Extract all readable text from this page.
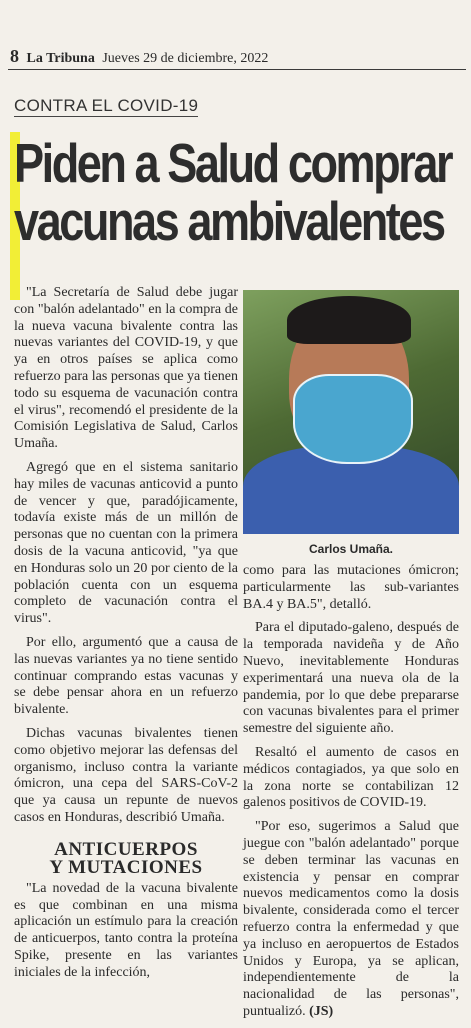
8 La Tribuna Jueves 29 de diciembre, 2022
CONTRA EL COVID-19
Piden a Salud comprar
vacunas ambivalentes

"La Secretaría de Salud debe jugar con "balón adelantado" en la compra de la nueva vacuna bivalente contra las nuevas variantes del COVID-19, y que ya en otros países se aplica como refuerzo para las personas que ya tienen todo su esquema de vacunación contra el virus", recomendó el presidente de la Comisión Legislativa de Salud, Carlos Umaña.

Agregó que en el sistema sanitario hay miles de vacunas anticovid a punto de vencer y que, paradójicamente, todavía existe más de un millón de personas que no cuentan con la primera dosis de la vacuna anticovid, "ya que en Honduras solo un 20 por ciento de la población cuenta con un esquema completo de vacunación contra el virus".

Por ello, argumentó que a causa de las nuevas variantes ya no tiene sentido continuar comprando estas vacunas y se debe pensar ahora en un refuerzo bivalente.

Dichas vacunas bivalentes tienen como objetivo mejorar las defensas del organismo, incluso contra la variante ómicron, una cepa del SARS-CoV-2 que ya causa un repunte de nuevos casos en Honduras, describió Umaña.

ANTICUERPOS
Y MUTACIONES

"La novedad de la vacuna bivalente es que combinan en una misma aplicación un estímulo para la creación de anticuerpos, tanto contra la proteína Spike, presente en las variantes iniciales de la infección,

Carlos Umaña.

como para las mutaciones ómicron; particularmente las sub-variantes BA.4 y BA.5", detalló.

Para el diputado-galeno, después de la temporada navideña y de Año Nuevo, inevitablemente Honduras experimentará una nueva ola de la pandemia, por lo que debe prepararse con vacunas bivalentes para el primer semestre del siguiente año.

Resaltó el aumento de casos en médicos contagiados, ya que solo en la zona norte se contabilizan 12 galenos positivos de COVID-19.

"Por eso, sugerimos a Salud que juegue con "balón adelantado" porque se deben terminar las vacunas en existencia y pensar en comprar nuevos medicamentos como la dosis bivalente, considerada como el tercer refuerzo contra la enfermedad y que ya incluso en aeropuertos de Estados Unidos y Europa, ya se aplican, independientemente de la nacionalidad de las personas", puntualizó. (JS)
